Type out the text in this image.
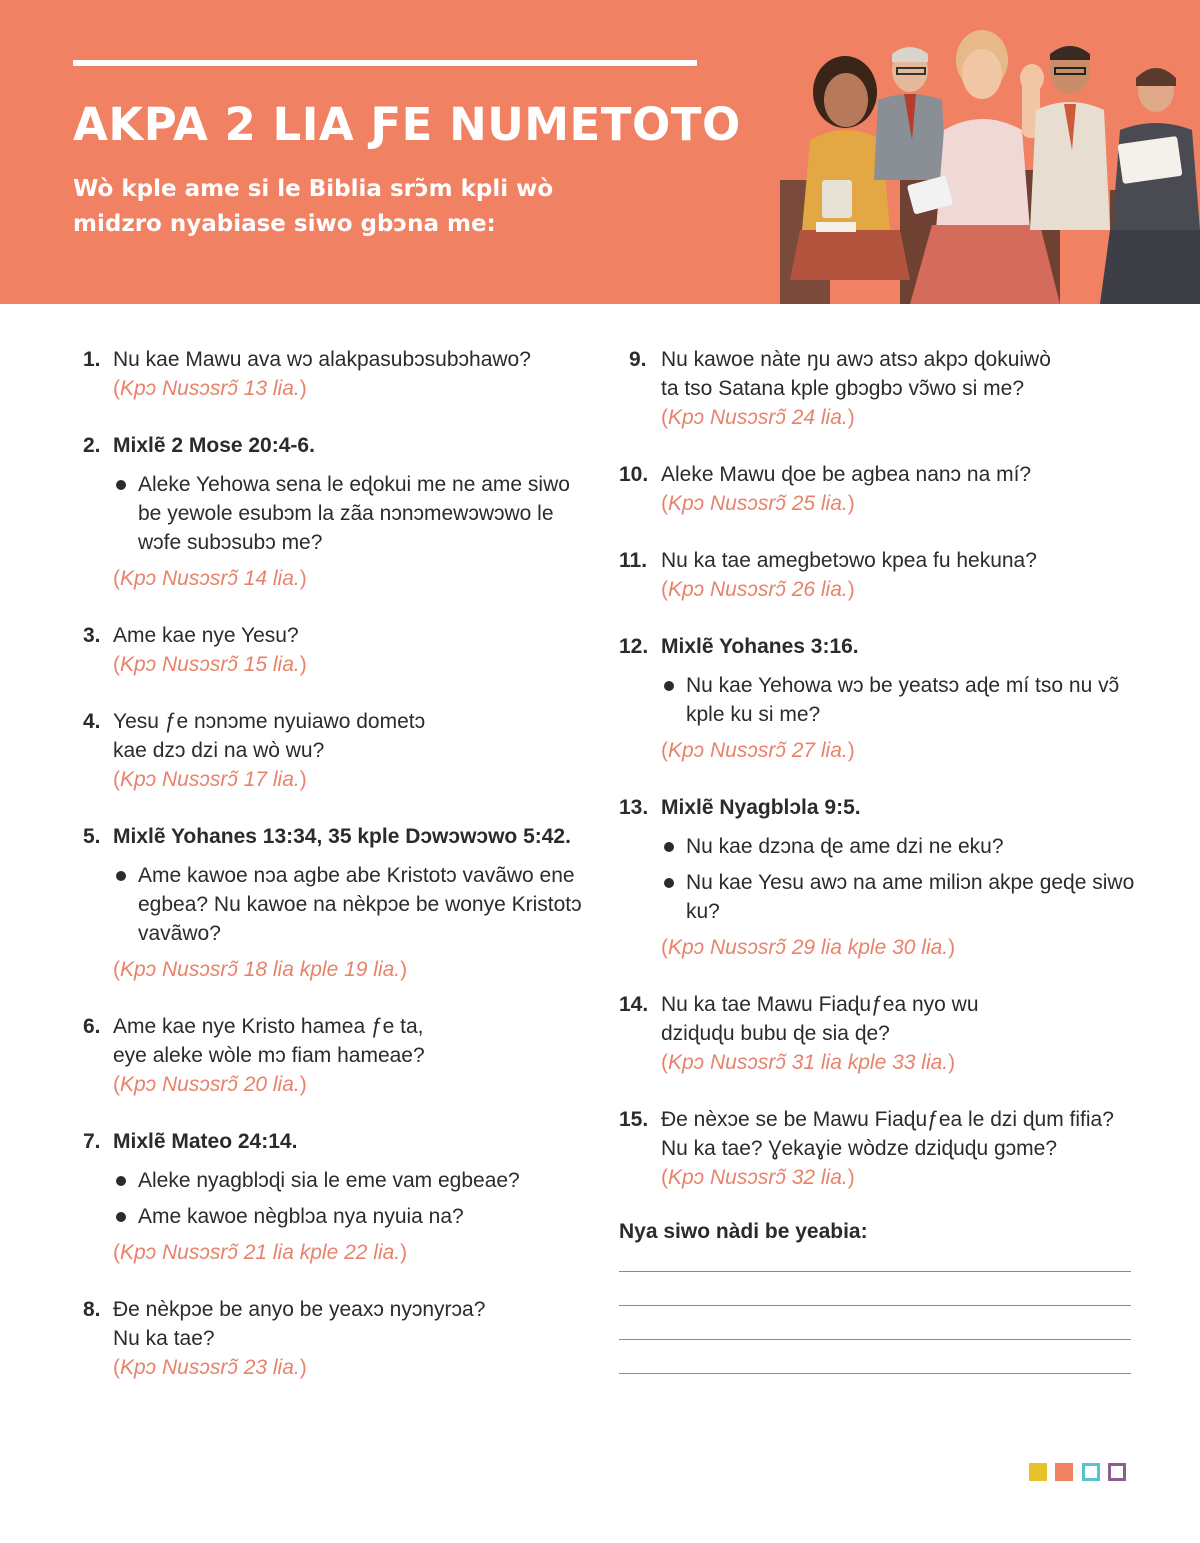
AKPA 2 LIA ƑE NUMETOTO

Wò kple ame si le Biblia srɔ̃m kpli wò midzro nyabiase siwo gbɔna me:

1. Nu kae Mawu ava wɔ alakpasubɔsubɔhawo?
(Kpɔ Nusɔsrɔ̃ 13 lia.)
2. Mixlẽ 2 Mose 20:4-6.
Aleke Yehowa sena le eɖokui me ne ame siwo be yewole esubɔm la zãa nɔnɔmewɔwɔwo le wɔfe subɔsubɔ me?
(Kpɔ Nusɔsrɔ̃ 14 lia.)
3. Ame kae nye Yesu?
(Kpɔ Nusɔsrɔ̃ 15 lia.)
4. Yesu ƒe nɔnɔme nyuiawo dometɔ
kae dzɔ dzi na wò wu?
(Kpɔ Nusɔsrɔ̃ 17 lia.)
5. Mixlẽ Yohanes 13:34, 35 kple Dɔwɔwɔwo 5:42.
Ame kawoe nɔa agbe abe Kristotɔ vavãwo ene egbea? Nu kawoe na nèkpɔe be wonye Kristotɔ vavãwo?
(Kpɔ Nusɔsrɔ̃ 18 lia kple 19 lia.)
6. Ame kae nye Kristo hamea ƒe ta,
eye aleke wòle mɔ fiam hameae?
(Kpɔ Nusɔsrɔ̃ 20 lia.)
7. Mixlẽ Mateo 24:14.
Aleke nyagblɔɖi sia le eme vam egbeae?
Ame kawoe nègblɔa nya nyuia na?
(Kpɔ Nusɔsrɔ̃ 21 lia kple 22 lia.)
8. Ɖe nèkpɔe be anyo be yeaxɔ nyɔnyrɔa?
Nu ka tae?
(Kpɔ Nusɔsrɔ̃ 23 lia.)
9. Nu kawoe nàte ŋu awɔ atsɔ akpɔ ɖokuiwò
ta tso Satana kple gbɔgbɔ vɔ̃wo si me?
(Kpɔ Nusɔsrɔ̃ 24 lia.)
10. Aleke Mawu ɖoe be agbea nanɔ na mí?
(Kpɔ Nusɔsrɔ̃ 25 lia.)
11. Nu ka tae amegbetɔwo kpea fu hekuna?
(Kpɔ Nusɔsrɔ̃ 26 lia.)
12. Mixlẽ Yohanes 3:16.
Nu kae Yehowa wɔ be yeatsɔ aɖe mí tso nu vɔ̃ kple ku si me?
(Kpɔ Nusɔsrɔ̃ 27 lia.)
13. Mixlẽ Nyagblɔla 9:5.
Nu kae dzɔna ɖe ame dzi ne eku?
Nu kae Yesu awɔ na ame miliɔn akpe geɖe siwo ku?
(Kpɔ Nusɔsrɔ̃ 29 lia kple 30 lia.)
14. Nu ka tae Mawu Fiaɖuƒea nyo wu
dziɖuɖu bubu ɖe sia ɖe?
(Kpɔ Nusɔsrɔ̃ 31 lia kple 33 lia.)
15. Ɖe nèxɔe se be Mawu Fiaɖuƒea le dzi ɖum fifia?
Nu ka tae? Ɣekaɣie wòdze dziɖuɖu gɔme?
(Kpɔ Nusɔsrɔ̃ 32 lia.)
Nya siwo nàdi be yeabia:
